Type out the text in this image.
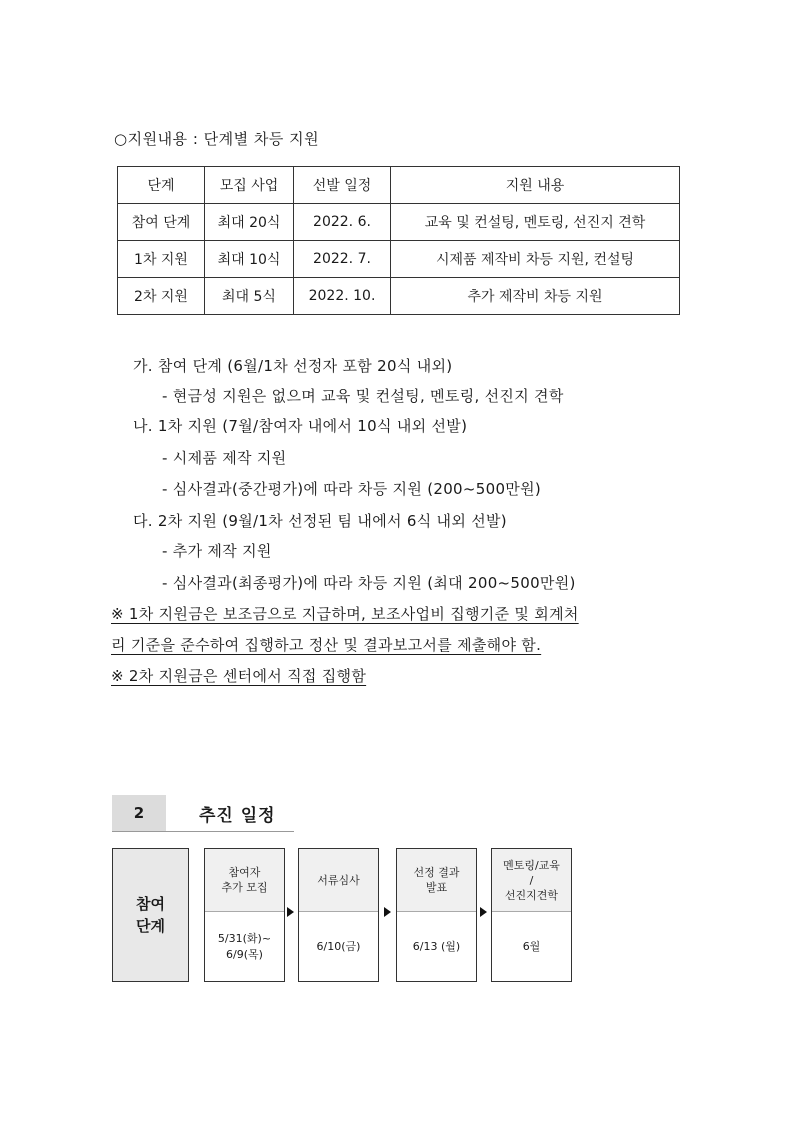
○지원내용 : 단계별 차등 지원
단계	모집 사업	선발 일정	지원 내용
참여 단계	최대 20식	2022. 6.	교육 및 컨설팅, 멘토링, 선진지 견학
1차 지원	최대 10식	2022. 7.	시제품 제작비 차등 지원, 컨설팅
2차 지원	최대 5식	2022. 10.	추가 제작비 차등 지원
가. 참여 단계 (6월/1차 선정자 포함 20식 내외)
- 현금성 지원은 없으며 교육 및 컨설팅, 멘토링, 선진지 견학
나. 1차 지원 (7월/참여자 내에서 10식 내외 선발)
- 시제품 제작 지원
- 심사결과(중간평가)에 따라 차등 지원 (200~500만원)
다. 2차 지원 (9월/1차 선정된 팀 내에서 6식 내외 선발)
- 추가 제작 지원
- 심사결과(최종평가)에 따라 차등 지원 (최대 200~500만원)
※ 1차 지원금은 보조금으로 지급하며, 보조사업비 집행기준 및 회계처
리 기준을 준수하여 집행하고 정산 및 결과보고서를 제출해야 함.
※ 2차 지원금은 센터에서 직접 집행함
2	추진 일정
참여
단계
참여자
추가 모집
5/31(화)~
6/9(목)
서류심사
6/10(금)
선정 결과
발표
6/13 (월)
멘토링/교육
/
선진지견학
6월
